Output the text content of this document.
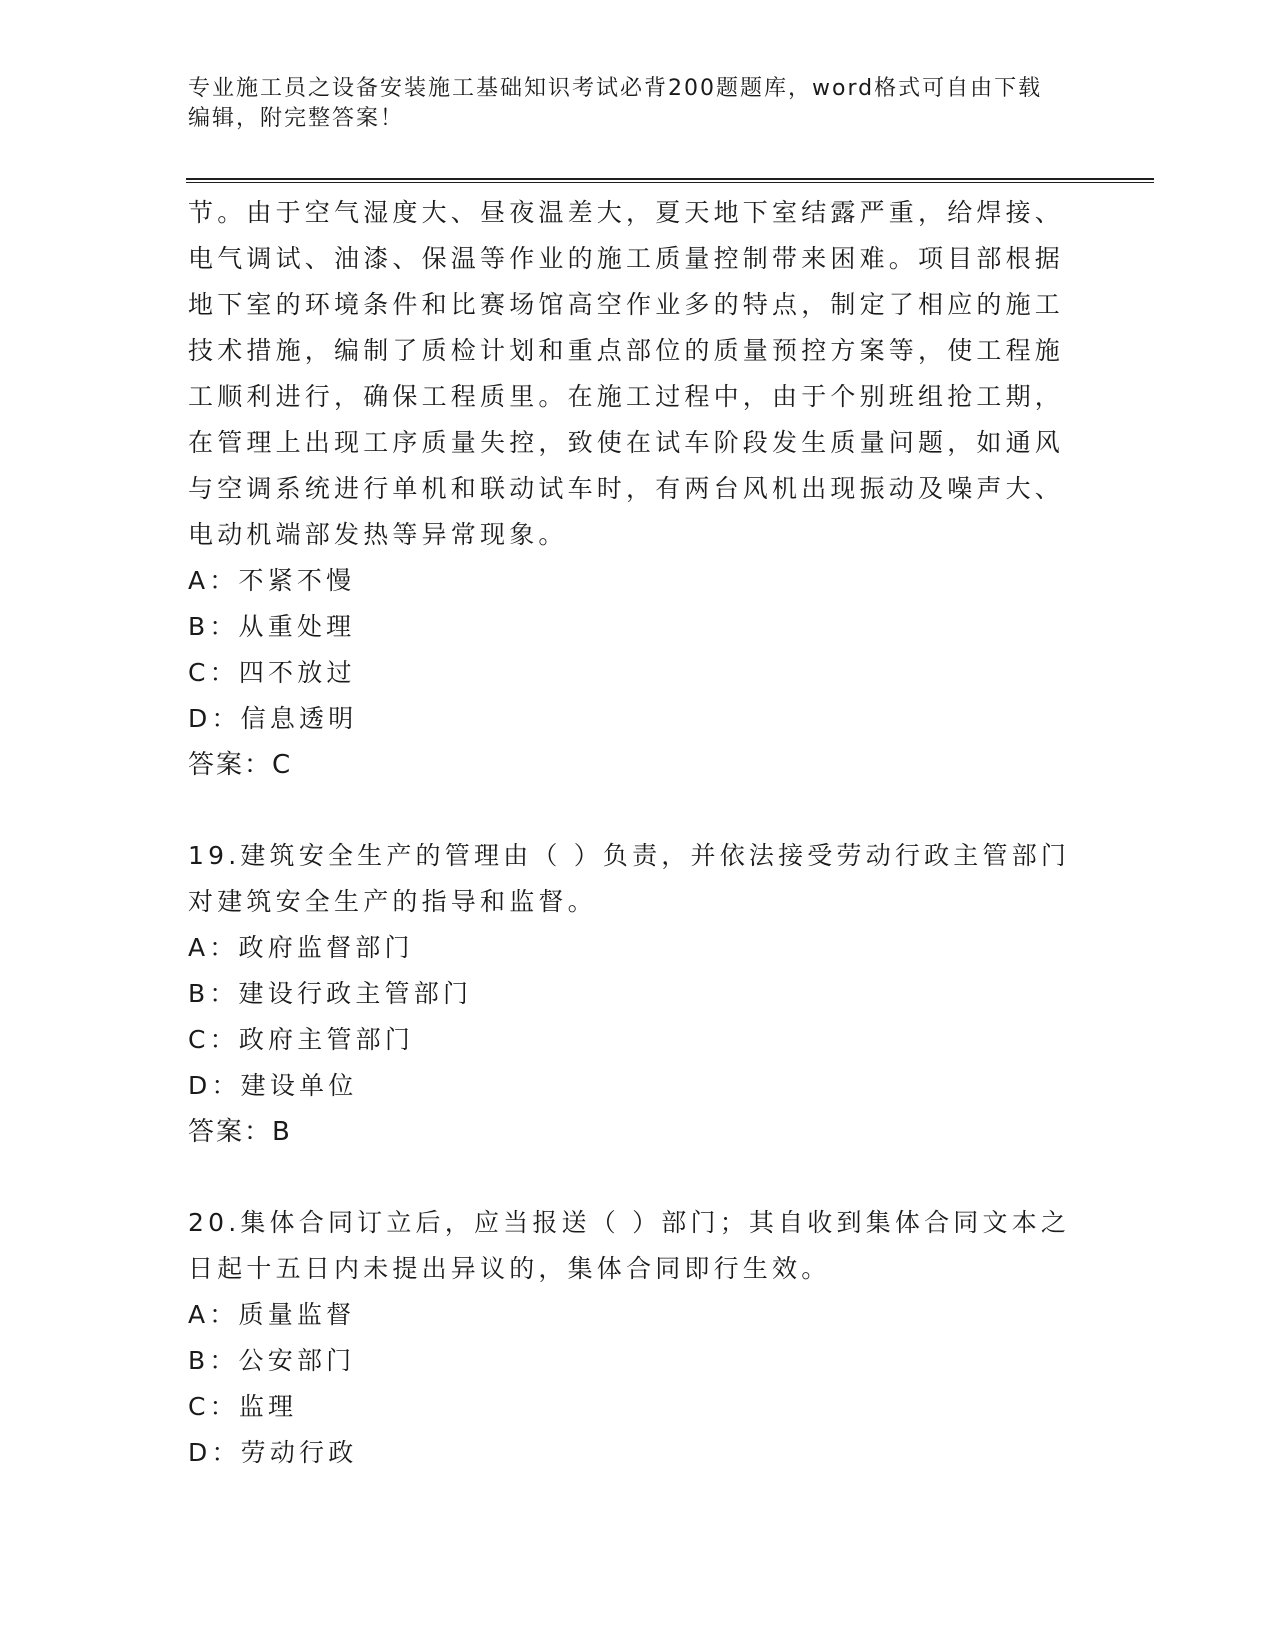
专业施工员之设备安装施工基础知识考试必背200题题库，word格式可自由下载
编辑，附完整答案！
节。由于空气湿度大、昼夜温差大，夏天地下室结露严重，给焊接、
电气调试、油漆、保温等作业的施工质量控制带来困难。项目部根据
地下室的环境条件和比赛场馆高空作业多的特点，制定了相应的施工
技术措施，编制了质检计划和重点部位的质量预控方案等，使工程施
工顺利进行，确保工程质里。在施工过程中，由于个别班组抢工期，
在管理上出现工序质量失控，致使在试车阶段发生质量问题，如通风
与空调系统进行单机和联动试车时，有两台风机出现振动及噪声大、
电动机端部发热等异常现象。
A：不紧不慢
B：从重处理
C：四不放过
D：信息透明
答案：C
19.建筑安全生产的管理由（ ）负责，并依法接受劳动行政主管部门
对建筑安全生产的指导和监督。
A：政府监督部门
B：建设行政主管部门
C：政府主管部门
D：建设单位
答案：B
20.集体合同订立后，应当报送（ ）部门；其自收到集体合同文本之
日起十五日内未提出异议的，集体合同即行生效。
A：质量监督
B：公安部门
C：监理
D：劳动行政
